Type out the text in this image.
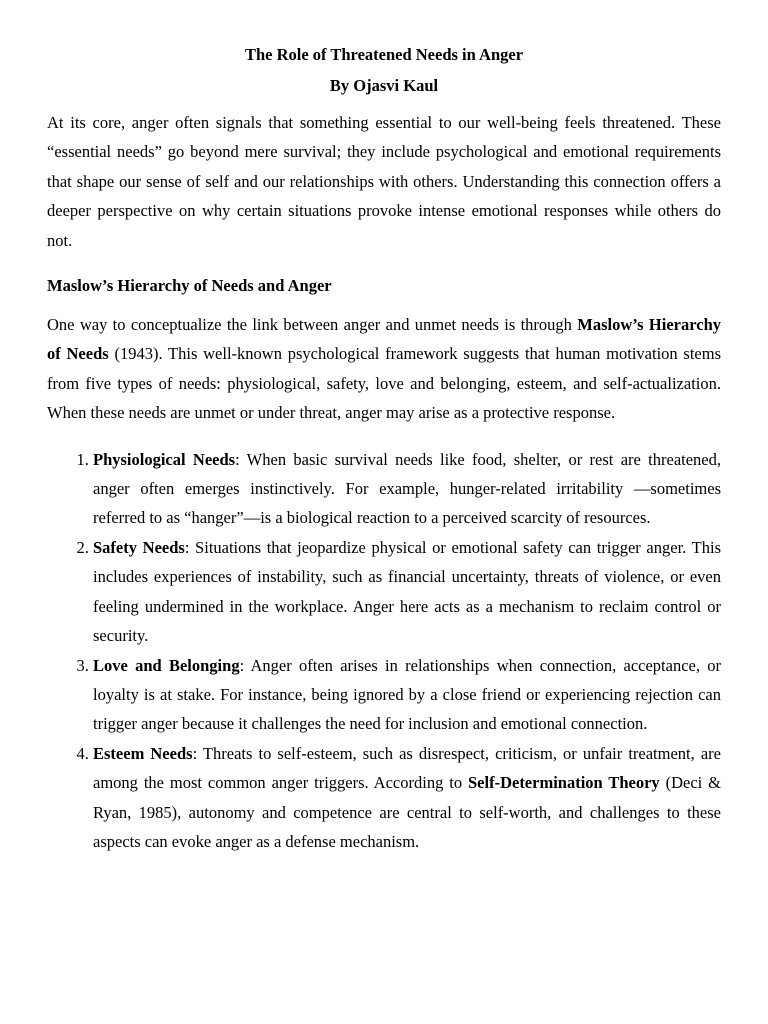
The Role of Threatened Needs in Anger
By Ojasvi Kaul

At its core, anger often signals that something essential to our well-being feels threatened. These “essential needs” go beyond mere survival; they include psychological and emotional requirements that shape our sense of self and our relationships with others. Understanding this connection offers a deeper perspective on why certain situations provoke intense emotional responses while others do not.

Maslow’s Hierarchy of Needs and Anger

One way to conceptualize the link between anger and unmet needs is through Maslow’s Hierarchy of Needs (1943). This well-known psychological framework suggests that human motivation stems from five types of needs: physiological, safety, love and belonging, esteem, and self-actualization. When these needs are unmet or under threat, anger may arise as a protective response.

1. Physiological Needs: When basic survival needs like food, shelter, or rest are threatened, anger often emerges instinctively. For example, hunger-related irritability —sometimes referred to as “hanger”—is a biological reaction to a perceived scarcity of resources.
2. Safety Needs: Situations that jeopardize physical or emotional safety can trigger anger. This includes experiences of instability, such as financial uncertainty, threats of violence, or even feeling undermined in the workplace. Anger here acts as a mechanism to reclaim control or security.
3. Love and Belonging: Anger often arises in relationships when connection, acceptance, or loyalty is at stake. For instance, being ignored by a close friend or experiencing rejection can trigger anger because it challenges the need for inclusion and emotional connection.
4. Esteem Needs: Threats to self-esteem, such as disrespect, criticism, or unfair treatment, are among the most common anger triggers. According to Self-Determination Theory (Deci & Ryan, 1985), autonomy and competence are central to self-worth, and challenges to these aspects can evoke anger as a defense mechanism.
